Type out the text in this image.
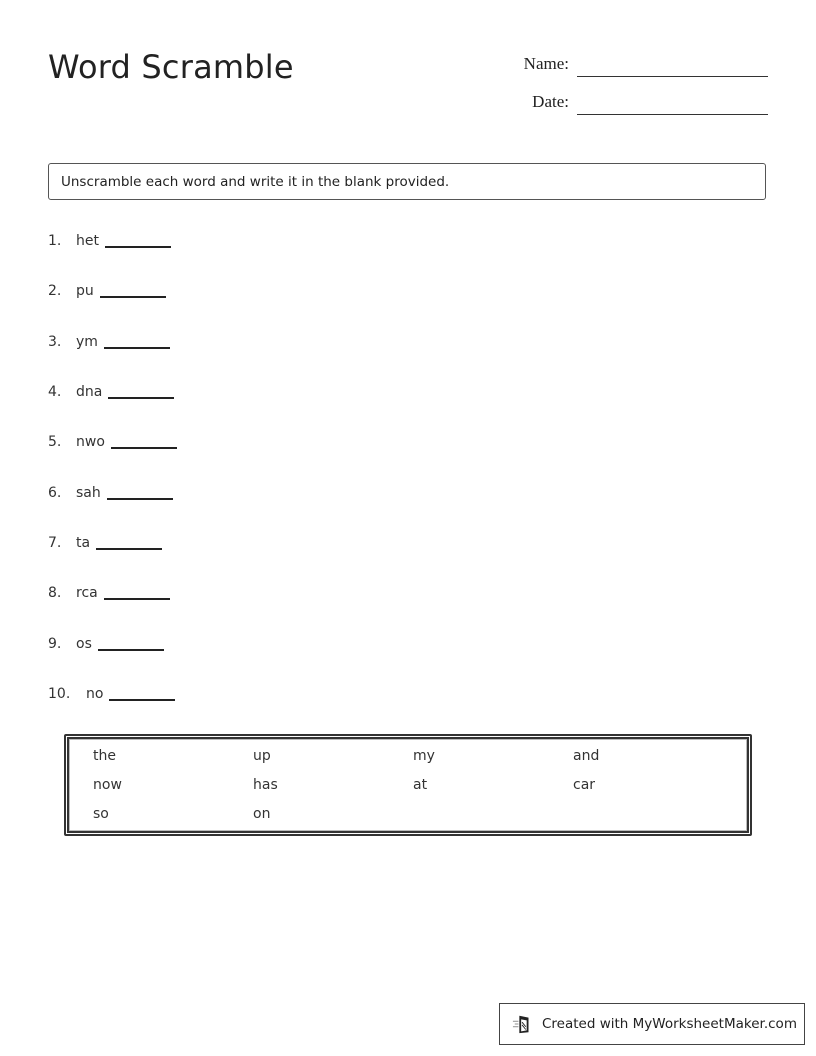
Word Scramble	Name:
Date:
Unscramble each word and write it in the blank provided.
1.	het
2.	pu
3.	ym
4.	dna
5.	nwo
6.	sah
7.	ta
8.	rca
9.	os
10.	no
the	up	my	and
now	has	at	car
so	on
Created with MyWorksheetMaker.com
